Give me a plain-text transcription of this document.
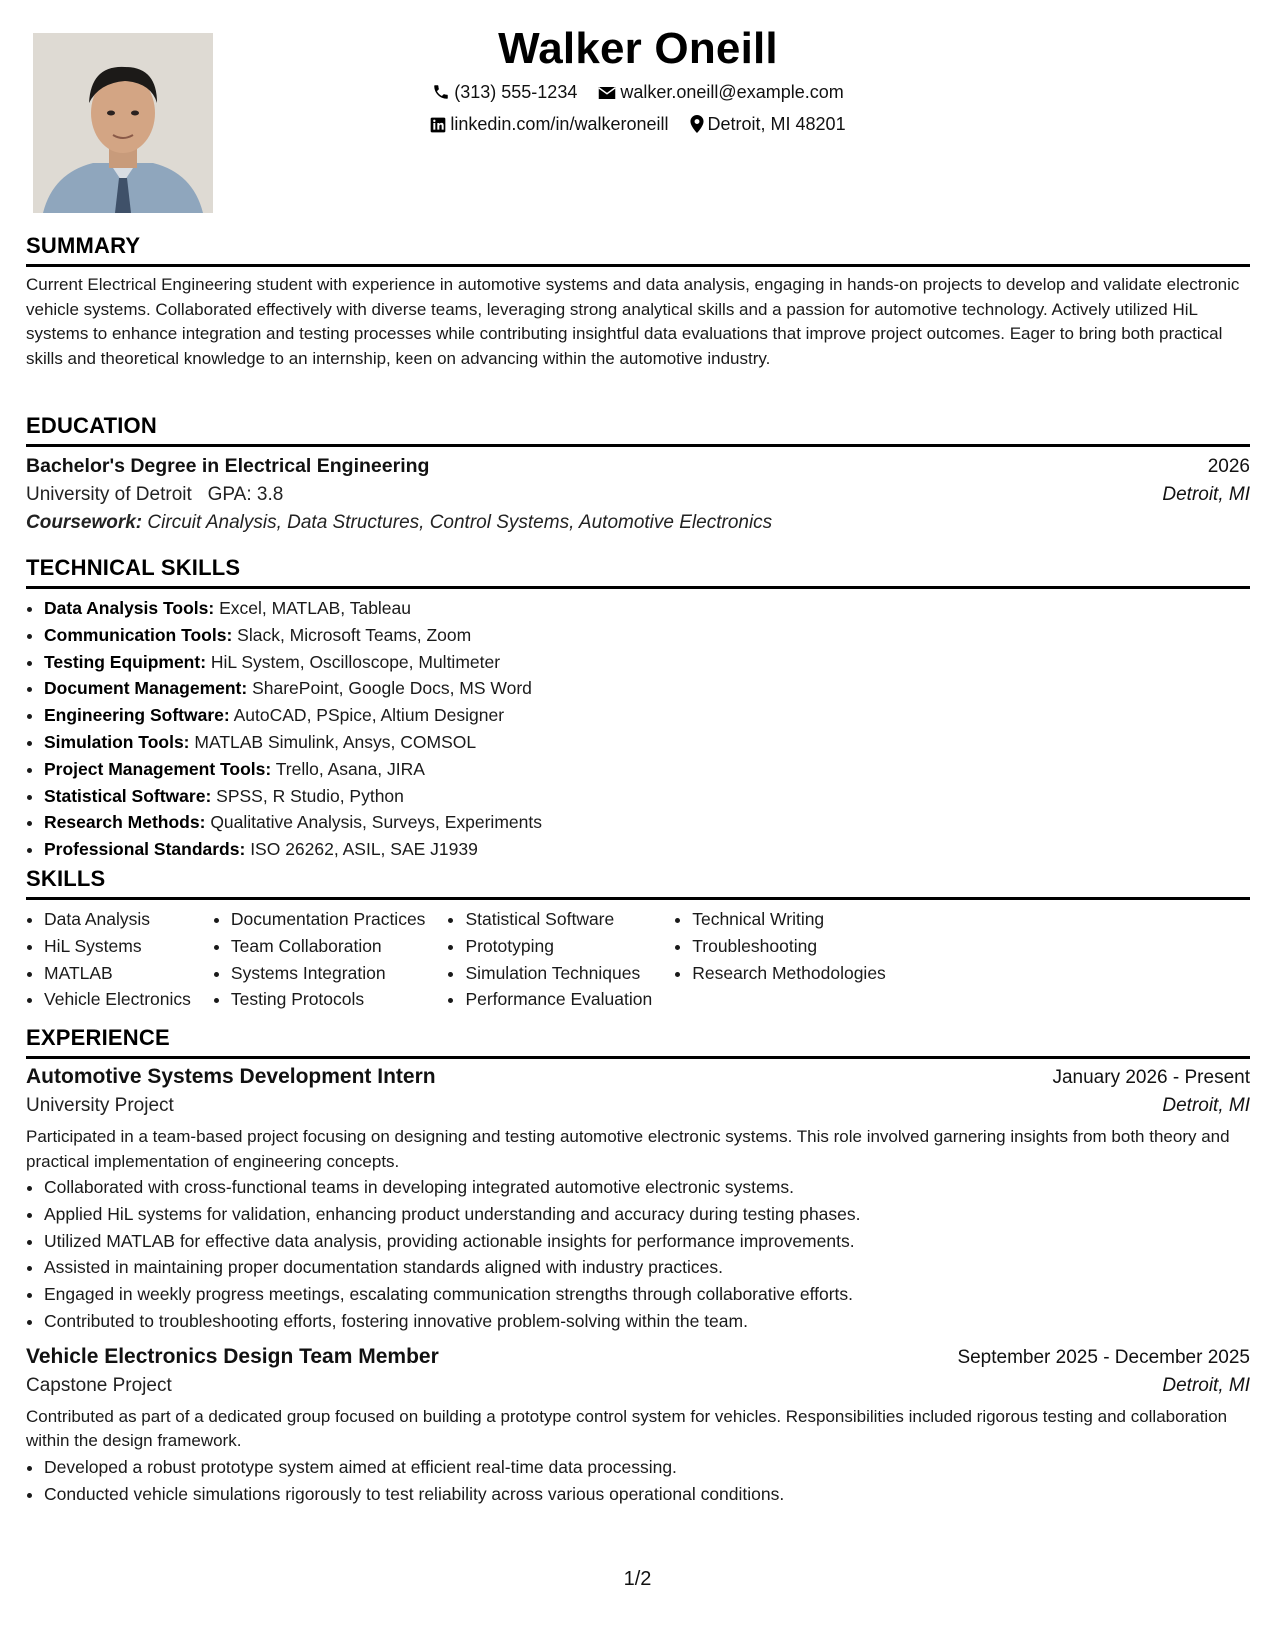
Walker Oneill
(313) 555-1234 walker.oneill@example.com
linkedin.com/in/walkeroneill Detroit, MI 48201
SUMMARY
Current Electrical Engineering student with experience in automotive systems and data analysis, engaging in hands-on projects to develop and validate electronic vehicle systems. Collaborated effectively with diverse teams, leveraging strong analytical skills and a passion for automotive technology. Actively utilized HiL systems to enhance integration and testing processes while contributing insightful data evaluations that improve project outcomes. Eager to bring both practical skills and theoretical knowledge to an internship, keen on advancing within the automotive industry.
EDUCATION
Bachelor's Degree in Electrical Engineering	2026
University of Detroit GPA: 3.8	Detroit, MI
Coursework: Circuit Analysis, Data Structures, Control Systems, Automotive Electronics
TECHNICAL SKILLS
• Data Analysis Tools: Excel, MATLAB, Tableau
• Communication Tools: Slack, Microsoft Teams, Zoom
• Testing Equipment: HiL System, Oscilloscope, Multimeter
• Document Management: SharePoint, Google Docs, MS Word
• Engineering Software: AutoCAD, PSpice, Altium Designer
• Simulation Tools: MATLAB Simulink, Ansys, COMSOL
• Project Management Tools: Trello, Asana, JIRA
• Statistical Software: SPSS, R Studio, Python
• Research Methods: Qualitative Analysis, Surveys, Experiments
• Professional Standards: ISO 26262, ASIL, SAE J1939
SKILLS
• Data Analysis
• HiL Systems
• MATLAB
• Vehicle Electronics
• Documentation Practices
• Team Collaboration
• Systems Integration
• Testing Protocols
• Statistical Software
• Prototyping
• Simulation Techniques
• Performance Evaluation
• Technical Writing
• Troubleshooting
• Research Methodologies
EXPERIENCE
Automotive Systems Development Intern	January 2026 - Present
University Project	Detroit, MI
Participated in a team-based project focusing on designing and testing automotive electronic systems. This role involved garnering insights from both theory and practical implementation of engineering concepts.
• Collaborated with cross-functional teams in developing integrated automotive electronic systems.
• Applied HiL systems for validation, enhancing product understanding and accuracy during testing phases.
• Utilized MATLAB for effective data analysis, providing actionable insights for performance improvements.
• Assisted in maintaining proper documentation standards aligned with industry practices.
• Engaged in weekly progress meetings, escalating communication strengths through collaborative efforts.
• Contributed to troubleshooting efforts, fostering innovative problem-solving within the team.
Vehicle Electronics Design Team Member	September 2025 - December 2025
Capstone Project	Detroit, MI
Contributed as part of a dedicated group focused on building a prototype control system for vehicles. Responsibilities included rigorous testing and collaboration within the design framework.
• Developed a robust prototype system aimed at efficient real-time data processing.
• Conducted vehicle simulations rigorously to test reliability across various operational conditions.
1/2
